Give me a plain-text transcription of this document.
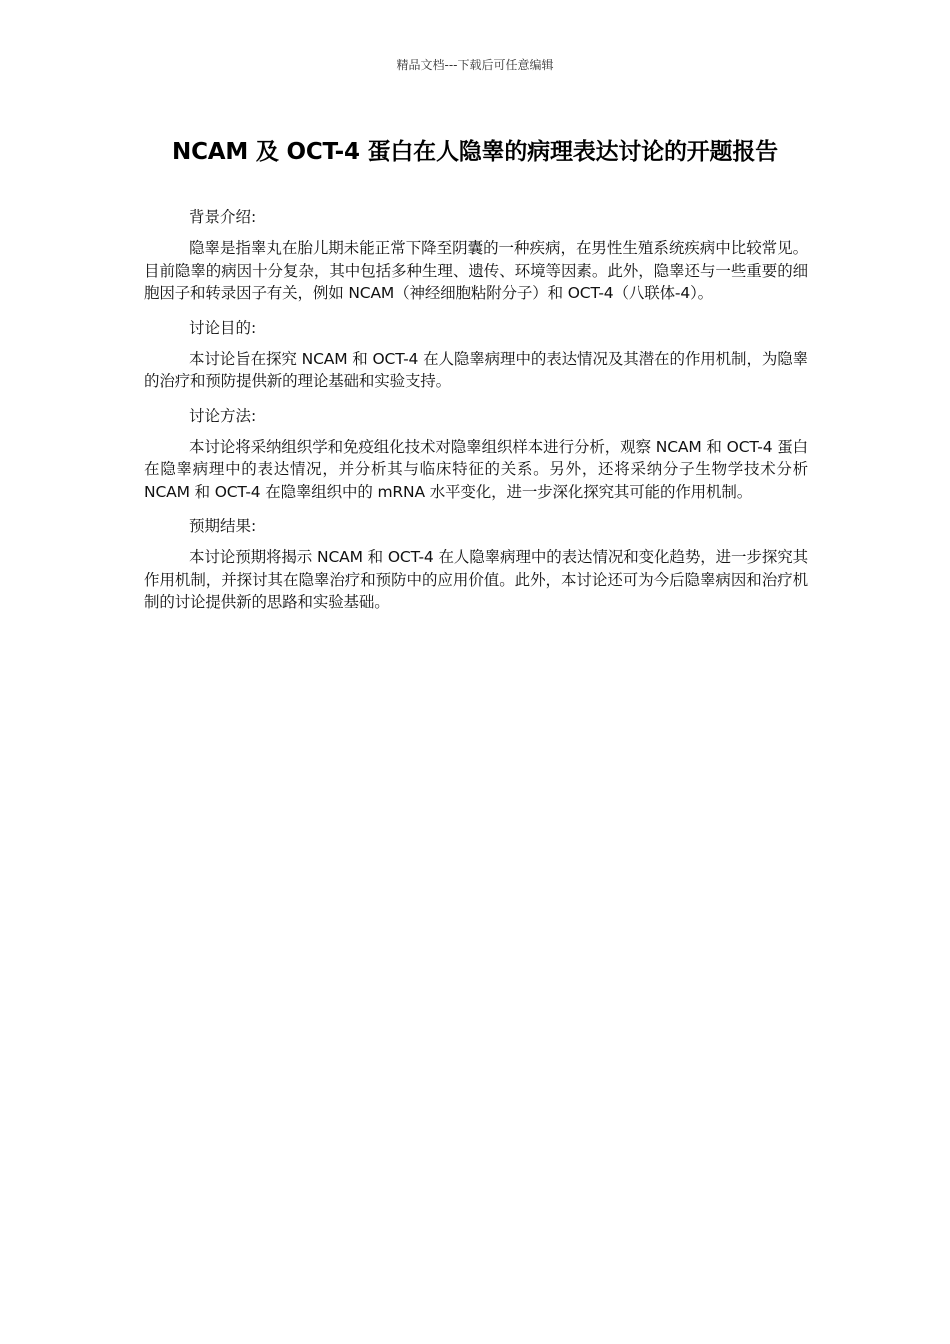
精品文档---下载后可任意编辑
NCAM 及 OCT-4 蛋白在人隐睾的病理表达讨论的开题报告

背景介绍:

隐睾是指睾丸在胎儿期未能正常下降至阴囊的一种疾病，在男性生殖系统疾病中比较常见。目前隐睾的病因十分复杂，其中包括多种生理、遗传、环境等因素。此外，隐睾还与一些重要的细胞因子和转录因子有关，例如 NCAM（神经细胞粘附分子）和 OCT-4（八联体-4）。

讨论目的:

本讨论旨在探究 NCAM 和 OCT-4 在人隐睾病理中的表达情况及其潜在的作用机制，为隐睾的治疗和预防提供新的理论基础和实验支持。

讨论方法:

本讨论将采纳组织学和免疫组化技术对隐睾组织样本进行分析，观察 NCAM 和 OCT-4 蛋白在隐睾病理中的表达情况，并分析其与临床特征的关系。另外，还将采纳分子生物学技术分析 NCAM 和 OCT-4 在隐睾组织中的 mRNA 水平变化，进一步深化探究其可能的作用机制。

预期结果:

本讨论预期将揭示 NCAM 和 OCT-4 在人隐睾病理中的表达情况和变化趋势，进一步探究其作用机制，并探讨其在隐睾治疗和预防中的应用价值。此外，本讨论还可为今后隐睾病因和治疗机制的讨论提供新的思路和实验基础。
